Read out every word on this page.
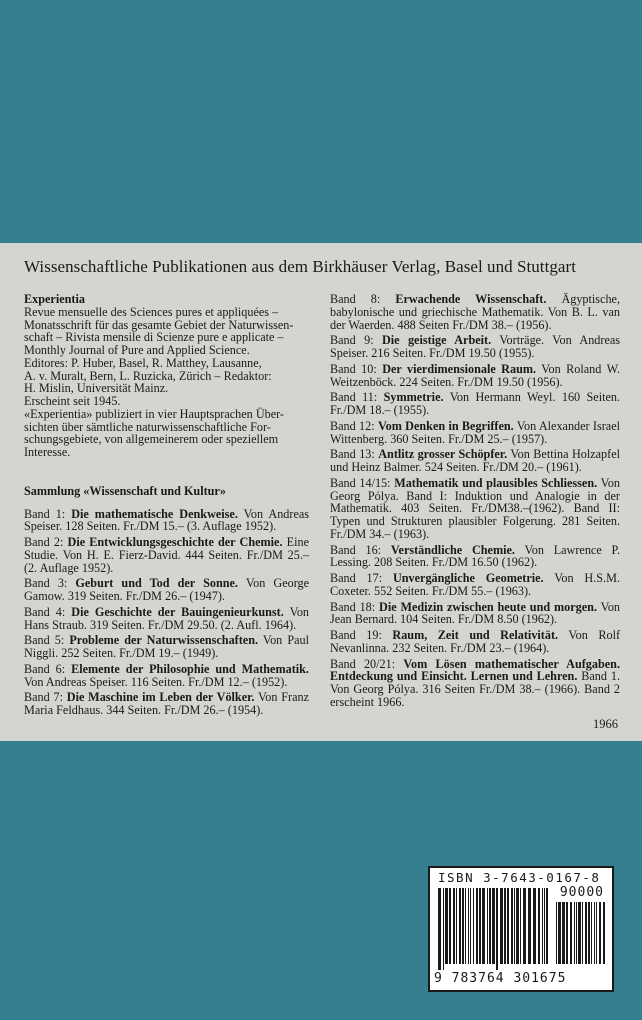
Wissenschaftliche Publikationen aus dem Birkhäuser Verlag, Basel und Stuttgart

Experientia

Revue mensuelle des Sciences pures et appliquées –

Monatsschrift für das gesamte Gebiet der Naturwissen-

schaft – Rivista mensile di Scienze pure e applicate –

Monthly Journal of Pure and Applied Science.

Editores: P. Huber, Basel, R. Matthey, Lausanne,

A. v. Muralt, Bern, L. Ruzicka, Zürich – Redaktor:

H. Mislin, Universität Mainz.

Erscheint seit 1945.

«Experientia» publiziert in vier Hauptsprachen Über-

sichten über sämtliche naturwissenschaftliche For-

schungsgebiete, von allgemeinerem oder speziellem

Interesse.

Sammlung «Wissenschaft und Kultur»

Band 1: Die mathematische Denkweise. Von Andreas Speiser. 128 Seiten. Fr./DM 15.– (3. Auflage 1952).

Band 2: Die Entwicklungsgeschichte der Chemie. Eine Studie. Von H. E. Fierz-David. 444 Seiten. Fr./DM 25.– (2. Auflage 1952).

Band 3: Geburt und Tod der Sonne. Von George Gamow. 319 Seiten. Fr./DM 26.– (1947).

Band 4: Die Geschichte der Bauingenieurkunst. Von Hans Straub. 319 Seiten. Fr./DM 29.50. (2. Aufl. 1964).

Band 5: Probleme der Naturwissenschaften. Von Paul Niggli. 252 Seiten. Fr./DM 19.– (1949).

Band 6: Elemente der Philosophie und Mathematik. Von Andreas Speiser. 116 Seiten. Fr./DM 12.– (1952).

Band 7: Die Maschine im Leben der Völker. Von Franz Maria Feldhaus. 344 Seiten. Fr./DM 26.– (1954).

Band 8: Erwachende Wissenschaft. Ägyptische, babylonische und griechische Mathematik. Von B. L. van der Waerden. 488 Seiten Fr./DM 38.– (1956).

Band 9: Die geistige Arbeit. Vorträge. Von Andreas Speiser. 216 Seiten. Fr./DM 19.50 (1955).

Band 10: Der vierdimensionale Raum. Von Roland W. Weitzenböck. 224 Seiten. Fr./DM 19.50 (1956).

Band 11: Symmetrie. Von Hermann Weyl. 160 Seiten. Fr./DM 18.– (1955).

Band 12: Vom Denken in Begriffen. Von Alexander Israel Wittenberg. 360 Seiten. Fr./DM 25.– (1957).

Band 13: Antlitz grosser Schöpfer. Von Bettina Holzapfel und Heinz Balmer. 524 Seiten. Fr./DM 20.– (1961).

Band 14/15: Mathematik und plausibles Schliessen. Von Georg Pólya. Band I: Induktion und Analogie in der Mathematik. 403 Seiten. Fr./DM38.–(1962). Band II: Typen und Strukturen plausibler Folgerung. 281 Seiten. Fr./DM 34.– (1963).

Band 16: Verständliche Chemie. Von Lawrence P. Lessing. 208 Seiten. Fr./DM 16.50 (1962).

Band 17: Unvergängliche Geometrie. Von H.S.M. Coxeter. 552 Seiten. Fr./DM 55.– (1963).

Band 18: Die Medizin zwischen heute und morgen. Von Jean Bernard. 104 Seiten. Fr./DM 8.50 (1962).

Band 19: Raum, Zeit und Relativität. Von Rolf Nevanlinna. 232 Seiten. Fr./DM 23.– (1964).

Band 20/21: Vom Lösen mathematischer Aufgaben. Entdeckung und Einsicht. Lernen und Lehren. Band 1. Von Georg Pólya. 316 Seiten Fr./DM 38.– (1966). Band 2 erscheint 1966.

1966
ISBN 3-7643-0167-8
90000
9 783764 301675
